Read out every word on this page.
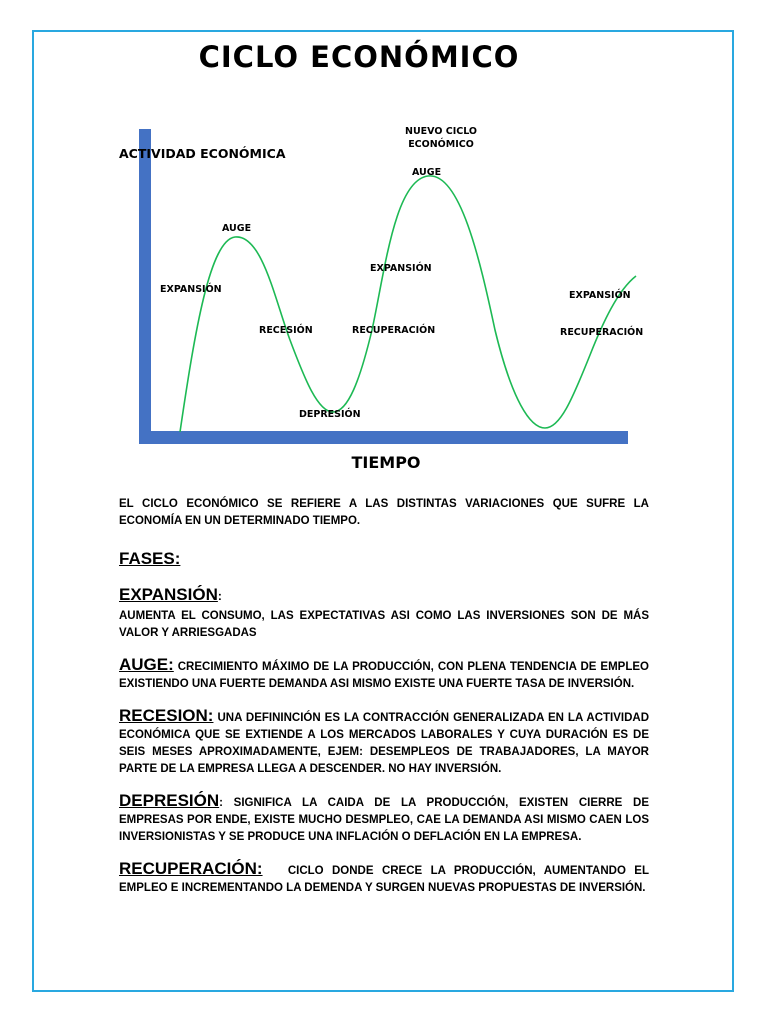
CICLO ECONÓMICO
ACTIVIDAD ECONÓMICA
NUEVO CICLO
ECONÓMICO
AUGE
AUGE
EXPANSIÓN
EXPANSIÓN
EXPANSIÓN
RECESIÓN
DEPRESIÓN
RECUPERACIÓN	RECUPERACIÓN
TIEMPO

EL CICLO ECONÓMICO SE REFIERE A LAS DISTINTAS VARIACIONES QUE SUFRE LA ECONOMÍA EN UN DETERMINADO TIEMPO.

FASES:

EXPANSIÓN:
AUMENTA EL CONSUMO, LAS EXPECTATIVAS ASI COMO LAS INVERSIONES SON DE MÁS VALOR Y ARRIESGADAS

AUGE: CRECIMIENTO MÁXIMO DE LA PRODUCCIÓN, CON PLENA TENDENCIA DE EMPLEO EXISTIENDO UNA FUERTE DEMANDA ASI MISMO EXISTE UNA FUERTE TASA DE INVERSIÓN.

RECESION: UNA DEFININCIÓN ES LA CONTRACCIÓN GENERALIZADA EN LA ACTIVIDAD ECONÓMICA QUE SE EXTIENDE A LOS MERCADOS LABORALES Y CUYA DURACIÓN ES DE SEIS MESES APROXIMADAMENTE, EJEM: DESEMPLEOS DE TRABAJADORES, LA MAYOR PARTE DE LA EMPRESA LLEGA A DESCENDER. NO HAY INVERSIÓN.

DEPRESIÓN: SIGNIFICA LA CAIDA DE LA PRODUCCIÓN, EXISTEN CIERRE DE EMPRESAS POR ENDE, EXISTE MUCHO DESMPLEO, CAE LA DEMANDA ASI MISMO CAEN LOS INVERSIONISTAS Y SE PRODUCE UNA INFLACIÓN O DEFLACIÓN EN LA EMPRESA.

RECUPERACIÓN: CICLO DONDE CRECE LA PRODUCCIÓN, AUMENTANDO EL EMPLEO E INCREMENTANDO LA DEMENDA Y SURGEN NUEVAS PROPUESTAS DE INVERSIÓN.
